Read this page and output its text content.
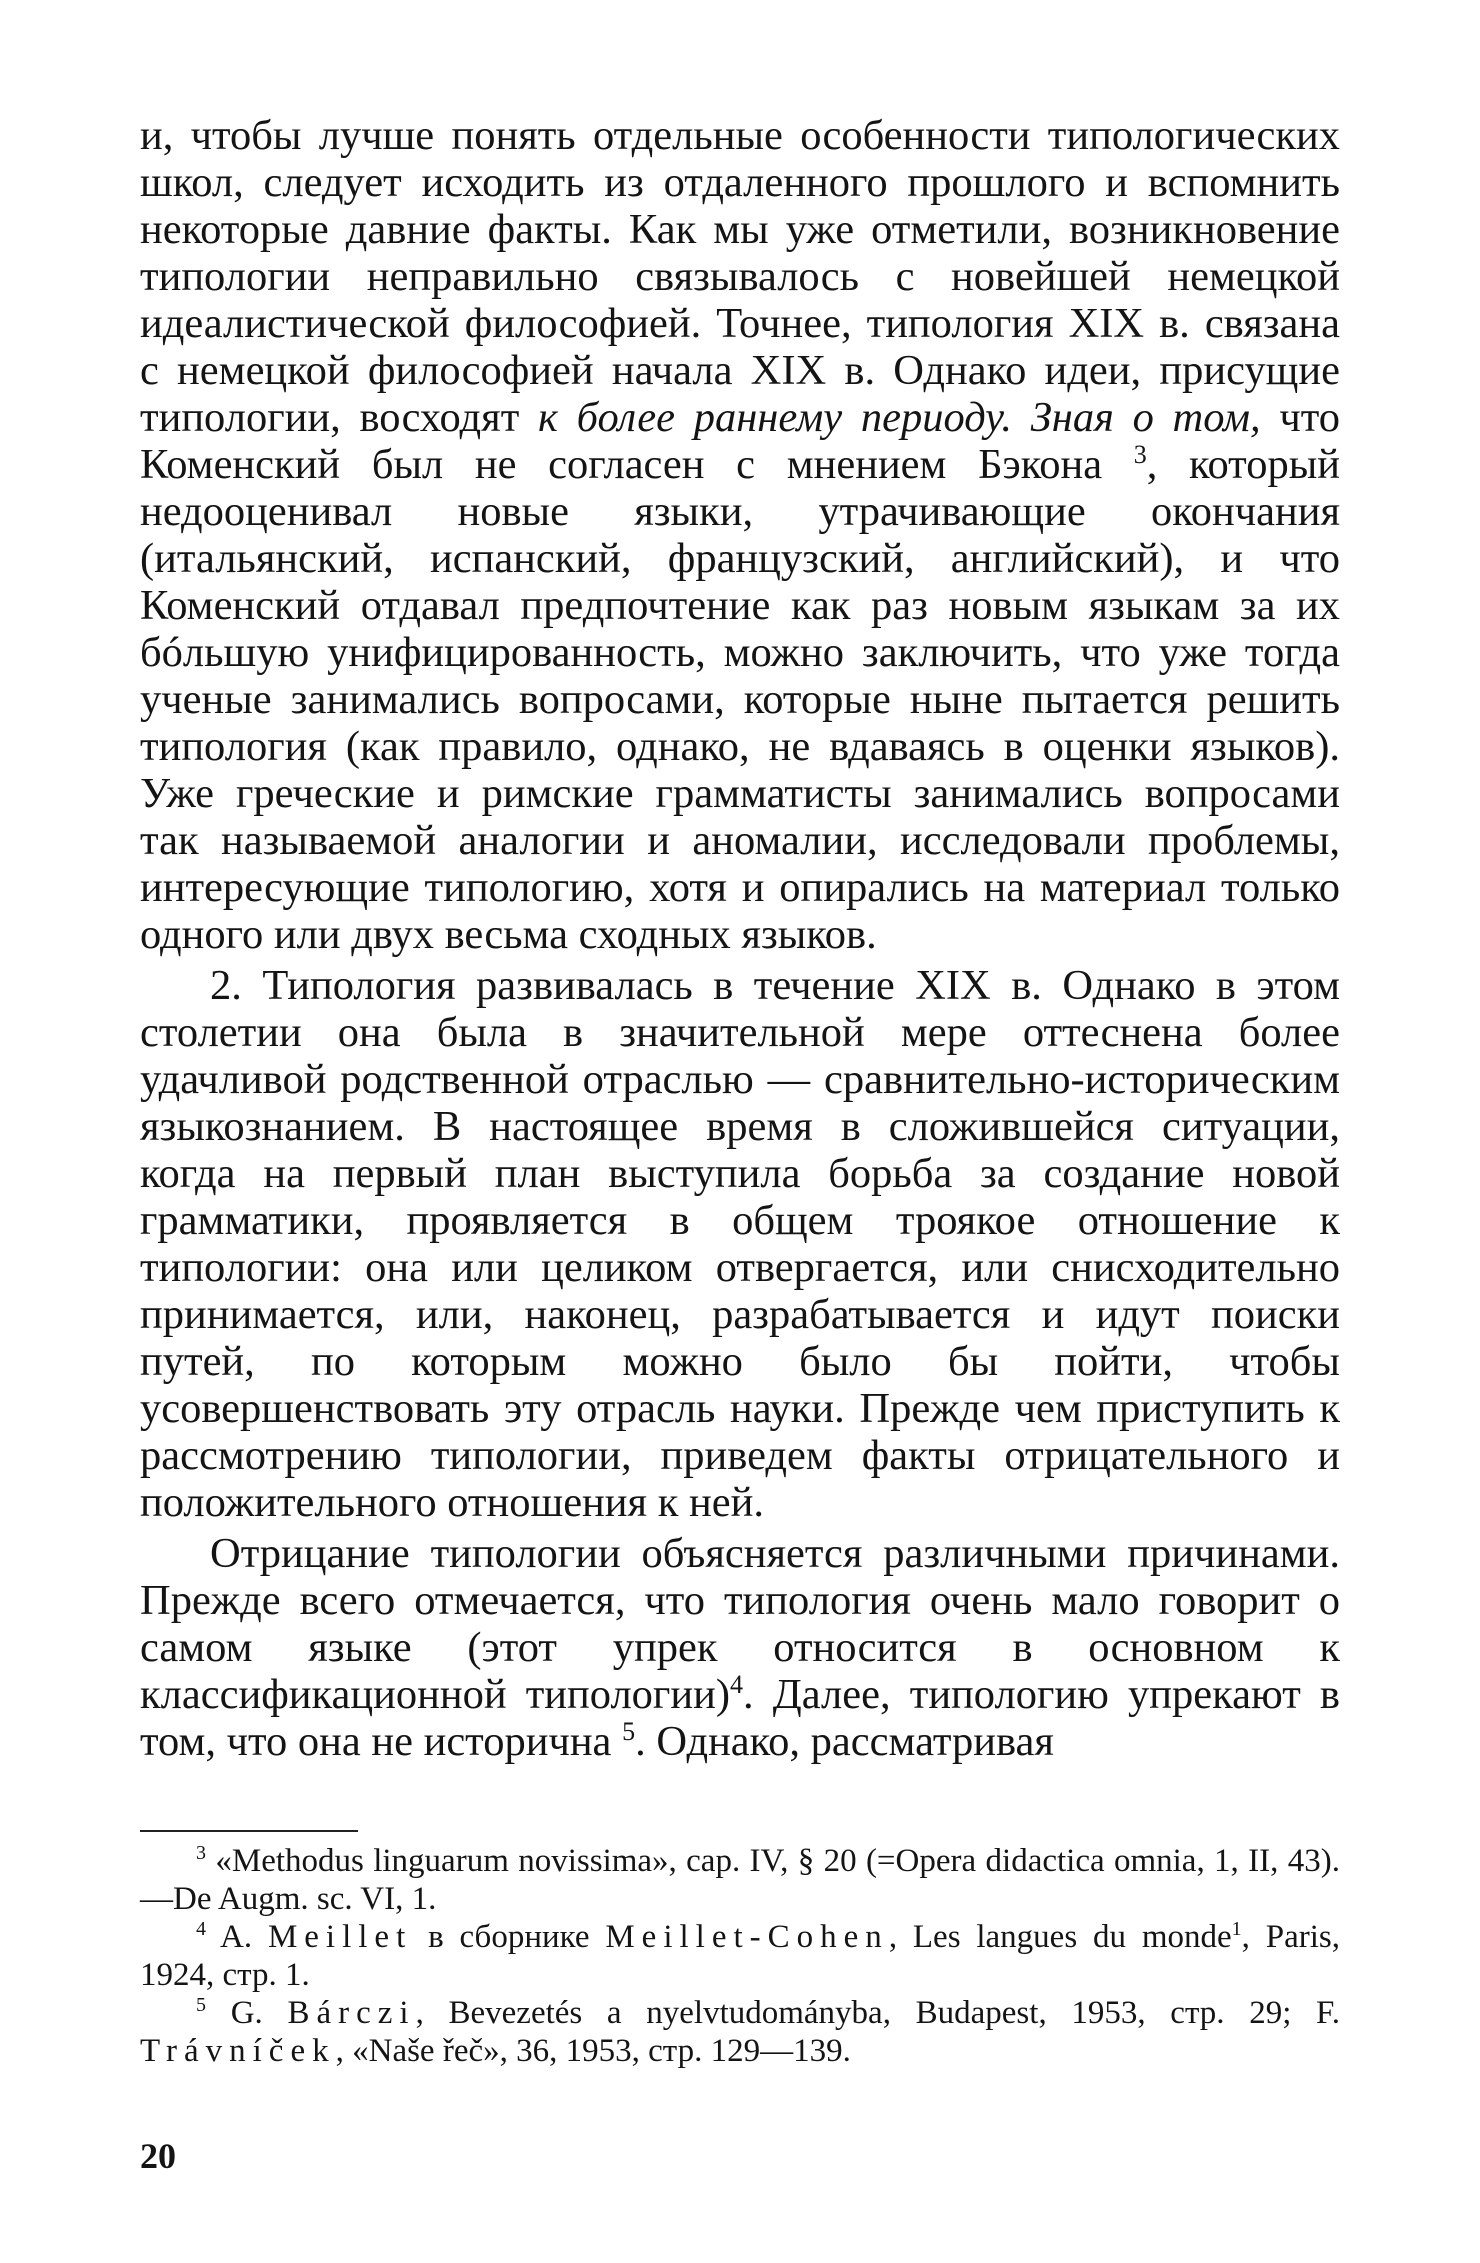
и, чтобы лучше понять отдельные особенности типологических школ, следует исходить из отдаленного прошлого и вспомнить некоторые давние факты. Как мы уже отметили, возникновение типологии неправильно связывалось с новейшей немецкой идеалистической философией. Точнее, типология XIX в. связана с немецкой философией начала XIX в. Однако идеи, присущие типологии, восходят к более раннему периоду. Зная о том, что Коменский был не согласен с мнением Бэкона $^3$, который недооценивал новые языки, утрачивающие окончания (итальянский, испанский, французский, английский), и что Коменский отдавал предпочтение как раз новым языкам за их бóльшую унифицированность, можно заключить, что уже тогда ученые занимались вопросами, которые ныне пытается решить типология (как правило, однако, не вдаваясь в оценки языков). Уже греческие и римские грамматисты занимались вопросами так называемой аналогии и аномалии, исследовали проблемы, интересующие типологию, хотя и опирались на материал только одного или двух весьма сходных языков.

2. Типология развивалась в течение XIX в. Однако в этом столетии она была в значительной мере оттеснена более удачливой родственной отраслью — сравнительно-историческим языкознанием. В настоящее время в сложившейся ситуации, когда на первый план выступила борьба за создание новой грамматики, проявляется в общем троякое отношение к типологии: она или целиком отвергается, или снисходительно принимается, или, наконец, разрабатывается и идут поиски путей, по которым можно было бы пойти, чтобы усовершенствовать эту отрасль науки. Прежде чем приступить к рассмотрению типологии, приведем факты отрицательного и положительного отношения к ней.

Отрицание типологии объясняется различными причинами. Прежде всего отмечается, что типология очень мало говорит о самом языке (этот упрек относится в основном к классификационной типологии)$^4$. Далее, типологию упрекают в том, что она не исторична $^5$. Однако, рассматривая

$^3$ «Methodus linguarum novissima», cap. IV, § 20 (=Opera didactica omnia, 1, II, 43).—De Augm. sc. VI, 1.

$^4$ A. Meillet в сборнике Meillet-Cohen, Les langues du monde$^1$, Paris, 1924, стр. 1.

$^5$ G. Bárczi, Bevezetés a nyelvtudományba, Budapest, 1953, стр. 29; F. Trávníček, «Naše řeč», 36, 1953, стр. 129—139.

20
